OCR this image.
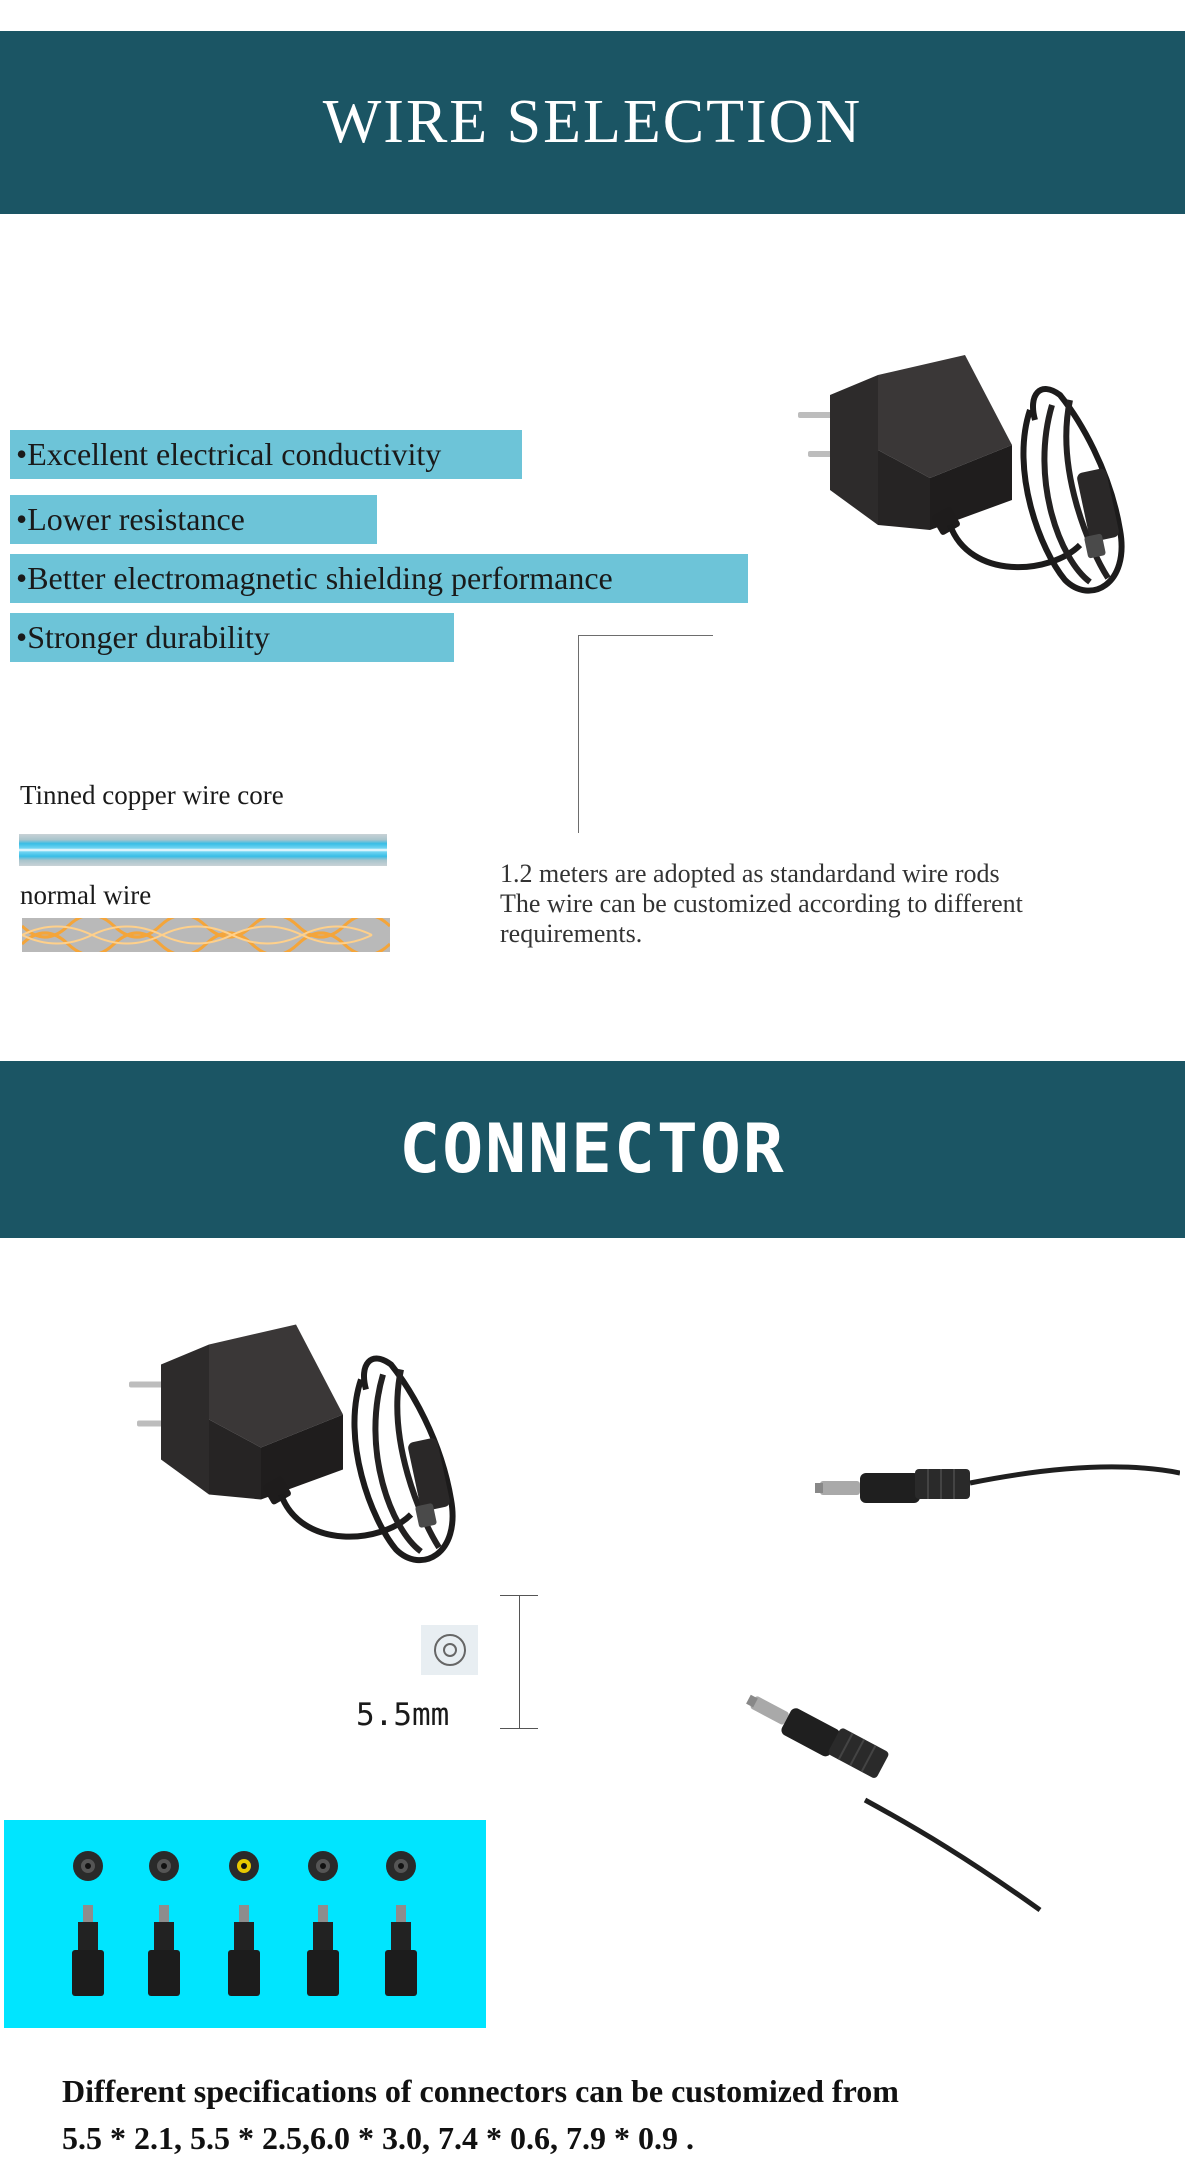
WIRE SELECTION
•Excellent electrical conductivity
•Lower resistance
•Better electromagnetic shielding performance
•Stronger durability
Tinned copper wire core
normal wire
1.2 meters are adopted as standardand wire rods
The wire can be customized according to different
requirements.
CONNECTOR
5.5mm
Different specifications of connectors can be customized from
5.5 * 2.1, 5.5 * 2.5,6.0 * 3.0, 7.4 * 0.6, 7.9 * 0.9 .
